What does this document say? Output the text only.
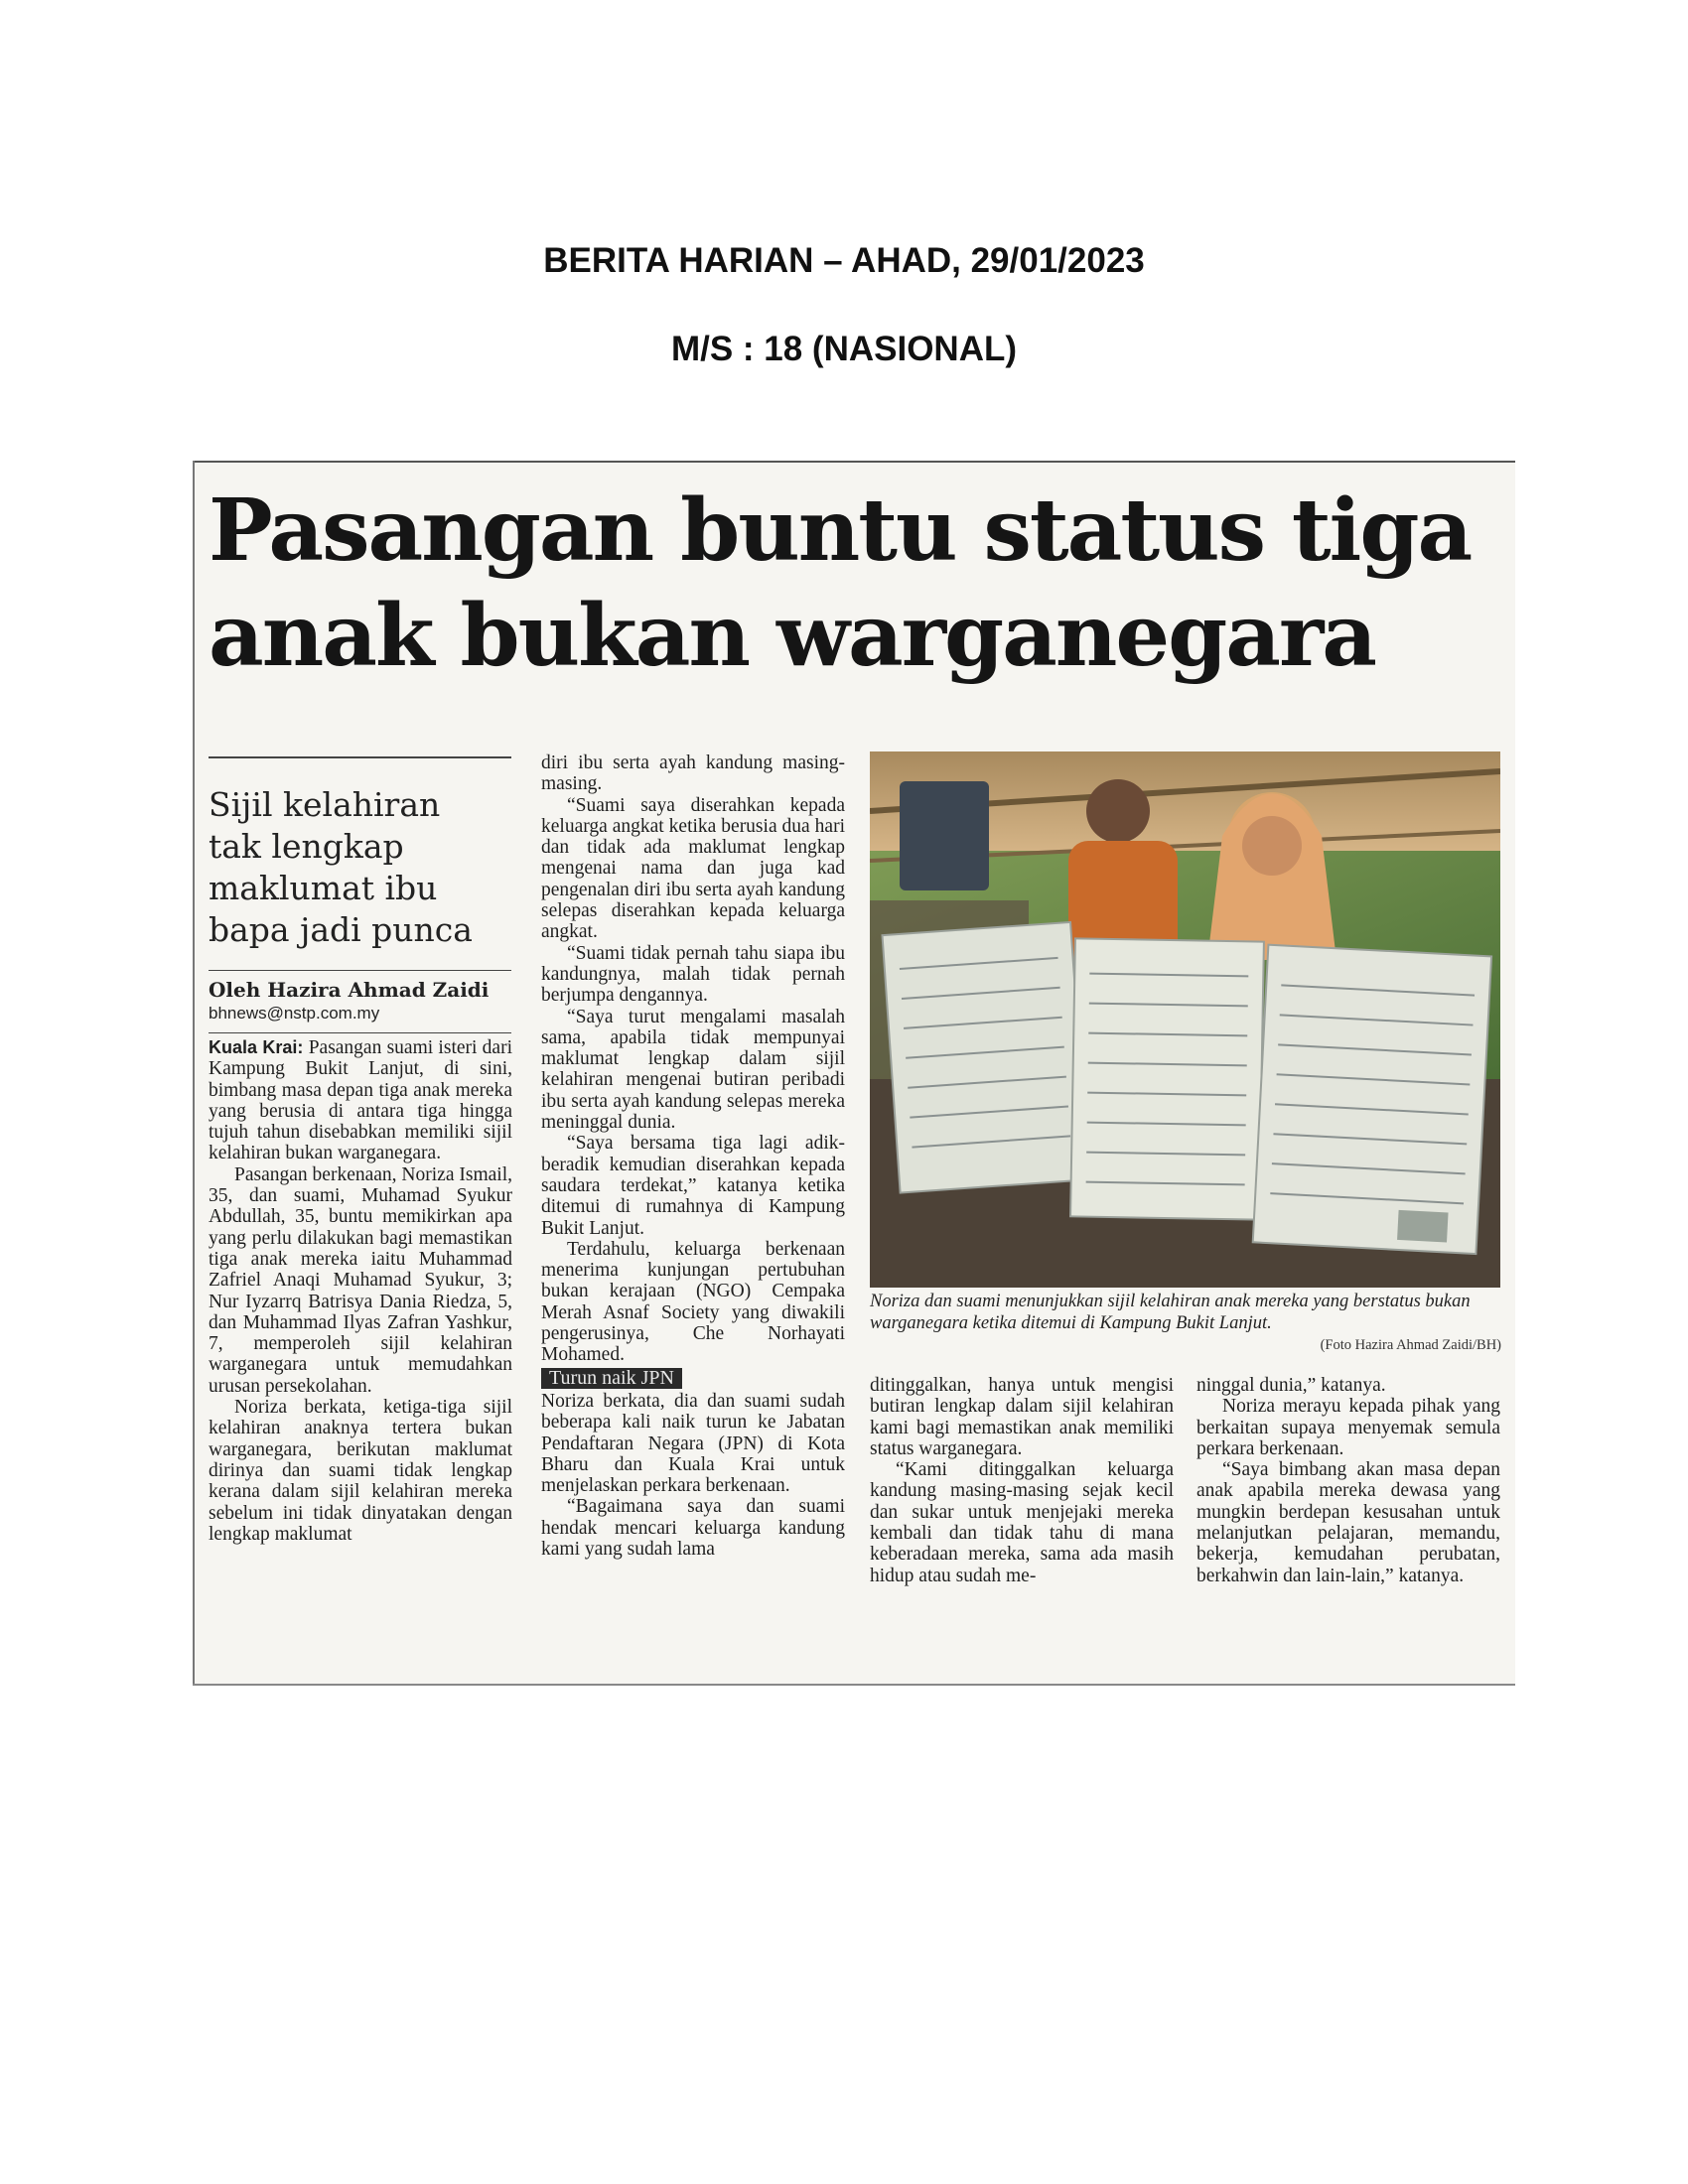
BERITA HARIAN – AHAD, 29/01/2023
M/S : 18 (NASIONAL)
Pasangan buntu status tiga anak bukan warganegara

Sijil kelahiran tak lengkap maklumat ibu bapa jadi punca

Oleh Hazira Ahmad Zaidi
bhnews@nstp.com.my

Kuala Krai: Pasangan suami isteri dari Kampung Bukit Lanjut, di sini, bimbang masa depan tiga anak mereka yang berusia di antara tiga hingga tujuh tahun disebabkan memiliki sijil kelahiran bukan warganegara.

Pasangan berkenaan, Noriza Ismail, 35, dan suami, Muhamad Syukur Abdullah, 35, buntu memikirkan apa yang perlu dilakukan bagi memastikan tiga anak mereka iaitu Muhammad Zafriel Anaqi Muhamad Syukur, 3; Nur Iyzarrq Batrisya Dania Riedza, 5, dan Muhammad Ilyas Zafran Yashkur, 7, memperoleh sijil kelahiran warganegara untuk memudahkan urusan persekolahan.

Noriza berkata, ketiga-tiga sijil kelahiran anaknya tertera bukan warganegara, berikutan maklumat dirinya dan suami tidak lengkap kerana dalam sijil kelahiran mereka sebelum ini tidak dinyatakan dengan lengkap maklumat

diri ibu serta ayah kandung masing-masing.

“Suami saya diserahkan kepada keluarga angkat ketika berusia dua hari dan tidak ada maklumat lengkap mengenai nama dan juga kad pengenalan diri ibu serta ayah kandung selepas diserahkan kepada keluarga angkat.

“Suami tidak pernah tahu siapa ibu kandungnya, malah tidak pernah berjumpa dengannya.

“Saya turut mengalami masalah sama, apabila tidak mempunyai maklumat lengkap dalam sijil kelahiran mengenai butiran peribadi ibu serta ayah kandung selepas mereka meninggal dunia.

“Saya bersama tiga lagi adik-beradik kemudian diserahkan kepada saudara terdekat,” katanya ketika ditemui di rumahnya di Kampung Bukit Lanjut.

Terdahulu, keluarga berkenaan menerima kunjungan pertubuhan bukan kerajaan (NGO) Cempaka Merah Asnaf Society yang diwakili pengerusinya, Che Norhayati Mohamed.

Turun naik JPN

Noriza berkata, dia dan suami sudah beberapa kali naik turun ke Jabatan Pendaftaran Negara (JPN) di Kota Bharu dan Kuala Krai untuk menjelaskan perkara berkenaan.

“Bagaimana saya dan suami hendak mencari keluarga kandung kami yang sudah lama

Noriza dan suami menunjukkan sijil kelahiran anak mereka yang berstatus bukan warganegara ketika ditemui di Kampung Bukit Lanjut.
(Foto Hazira Ahmad Zaidi/BH)

ditinggalkan, hanya untuk mengisi butiran lengkap dalam sijil kelahiran kami bagi memastikan anak memiliki status warganegara.

“Kami ditinggalkan keluarga kandung masing-masing sejak kecil dan sukar untuk menjejaki mereka kembali dan tidak tahu di mana keberadaan mereka, sama ada masih hidup atau sudah me-

ninggal dunia,” katanya.

Noriza merayu kepada pihak yang berkaitan supaya menyemak semula perkara berkenaan.

“Saya bimbang akan masa depan anak apabila mereka dewasa yang mungkin berdepan kesusahan untuk melanjutkan pelajaran, memandu, bekerja, kemudahan perubatan, berkahwin dan lain-lain,” katanya.
